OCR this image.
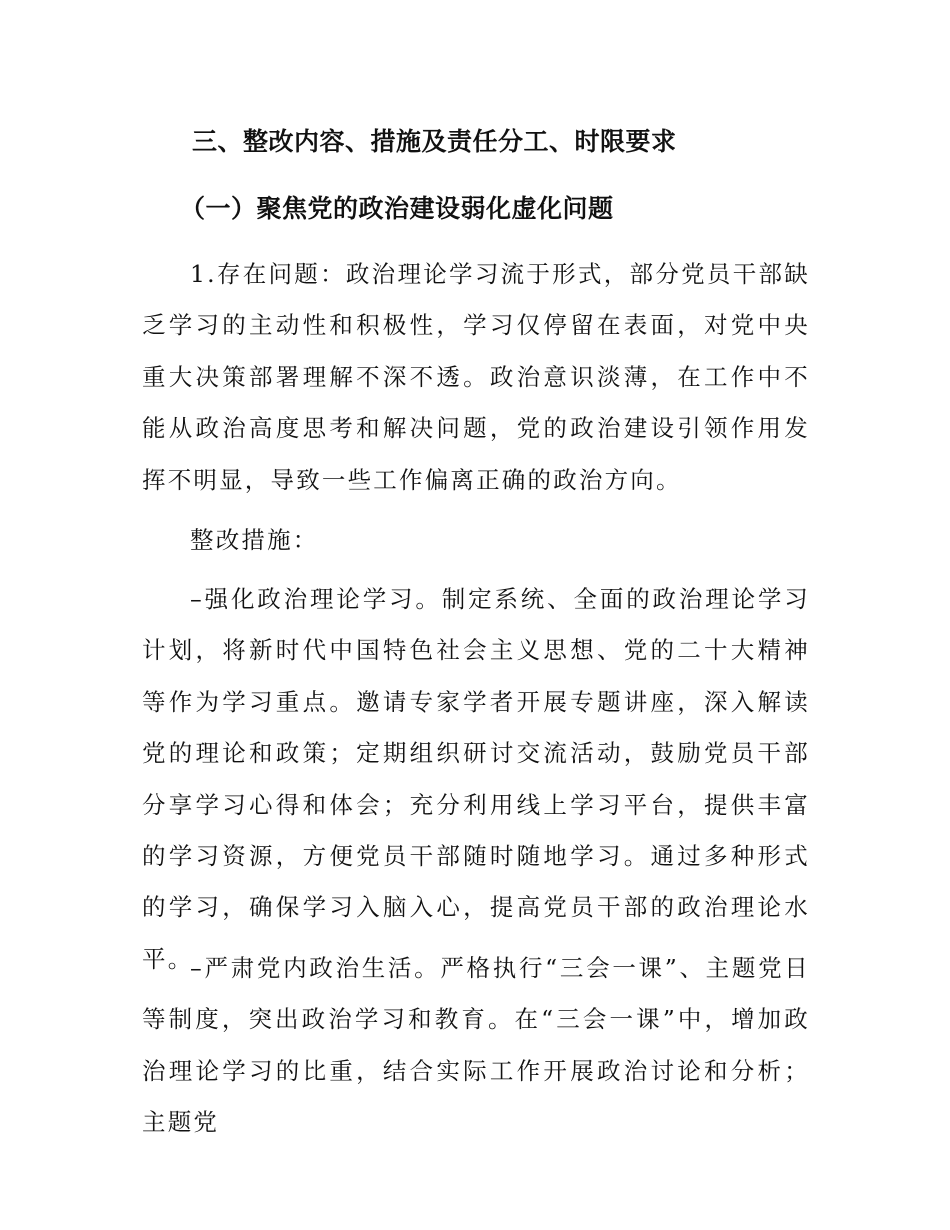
三、整改内容、措施及责任分工、时限要求
（一）聚焦党的政治建设弱化虚化问题

1.存在问题：政治理论学习流于形式，部分党员干部缺乏学习的主动性和积极性，学习仅停留在表面，对党中央重大决策部署理解不深不透。政治意识淡薄，在工作中不能从政治高度思考和解决问题，党的政治建设引领作用发挥不明显，导致一些工作偏离正确的政治方向。

整改措施：

–强化政治理论学习。制定系统、全面的政治理论学习计划，将新时代中国特色社会主义思想、党的二十大精神等作为学习重点。邀请专家学者开展专题讲座，深入解读党的理论和政策；定期组织研讨交流活动，鼓励党员干部分享学习心得和体会；充分利用线上学习平台，提供丰富的学习资源，方便党员干部随时随地学习。通过多种形式的学习，确保学习入脑入心，提高党员干部的政治理论水平。

–严肃党内政治生活。严格执行“三会一课”、主题党日等制度，突出政治学习和教育。在“三会一课”中，增加政治理论学习的比重，结合实际工作开展政治讨论和分析；主题党
